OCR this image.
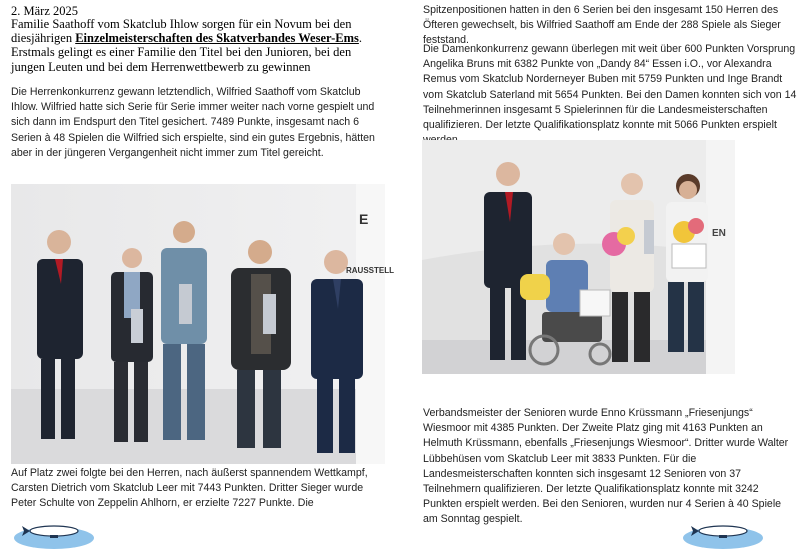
2. März 2025
Familie Saathoff vom Skatclub Ihlow sorgen für ein Novum bei den diesjährigen Einzelmeisterschaften des Skatverbandes Weser-Ems. Erstmals gelingt es einer Familie den Titel bei den Junioren, bei den jungen Leuten und bei dem Herrenwettbewerb zu gewinnen

Die Herrenkonkurrenz gewann letztendlich, Wilfried Saathoff vom Skatclub Ihlow. Wilfried hatte sich Serie für Serie immer weiter nach vorne gespielt und sich dann im Endspurt den Titel gesichert. 7489 Punkte, insgesamt nach 6 Serien à 48 Spielen die Wilfried sich erspielte, sind ein gutes Ergebnis, hätten aber in der jüngeren Vergangenheit nicht immer zum Titel gereicht.

E
RAUSSTELL

Auf Platz zwei folgte bei den Herren, nach äußerst spannendem Wettkampf, Carsten Dietrich vom Skatclub Leer mit 7443 Punkten. Dritter Sieger wurde Peter Schulte von Zeppelin Ahlhorn, er erzielte 7227 Punkte. Die

Spitzenpositionen hatten in den 6 Serien bei den insgesamt 150 Herren des Öfteren gewechselt, bis Wilfried Saathoff am Ende der 288 Spiele als Sieger feststand.

Die Damenkonkurrenz gewann überlegen mit weit über 600 Punkten Vorsprung Angelika Bruns mit 6382 Punkte von „Dandy 84“ Essen i.O., vor Alexandra Remus vom Skatclub Norderneyer Buben mit 5759 Punkten und Inge Brandt vom Skatclub Saterland mit 5654 Punkten. Bei den Damen konnten sich von 14 Teilnehmerinnen insgesamt 5 Spielerinnen für die Landesmeisterschaften qualifizieren. Der letzte Qualifikationsplatz konnte mit 5066 Punkten erspielt

EN

Verbandsmeister der Senioren wurde Enno Krüssmann „Friesenjungs“ Wiesmoor mit 4385 Punkten. Der Zweite Platz ging mit 4163 Punkten an Helmuth Krüssmann, ebenfalls „Friesenjungs Wiesmoor“. Dritter wurde Walter Lübbehüsen vom Skatclub Leer mit 3833 Punkten. Für die Landesmeisterschaften konnten sich insgesamt 12 Senioren von 37 Teilnehmern qualifizieren. Der letzte Qualifikationsplatz konnte mit 3242 Punkten erspielt werden. Bei den Senioren, wurden nur 4 Serien à 40 Spiele am Sonntag gespielt.
